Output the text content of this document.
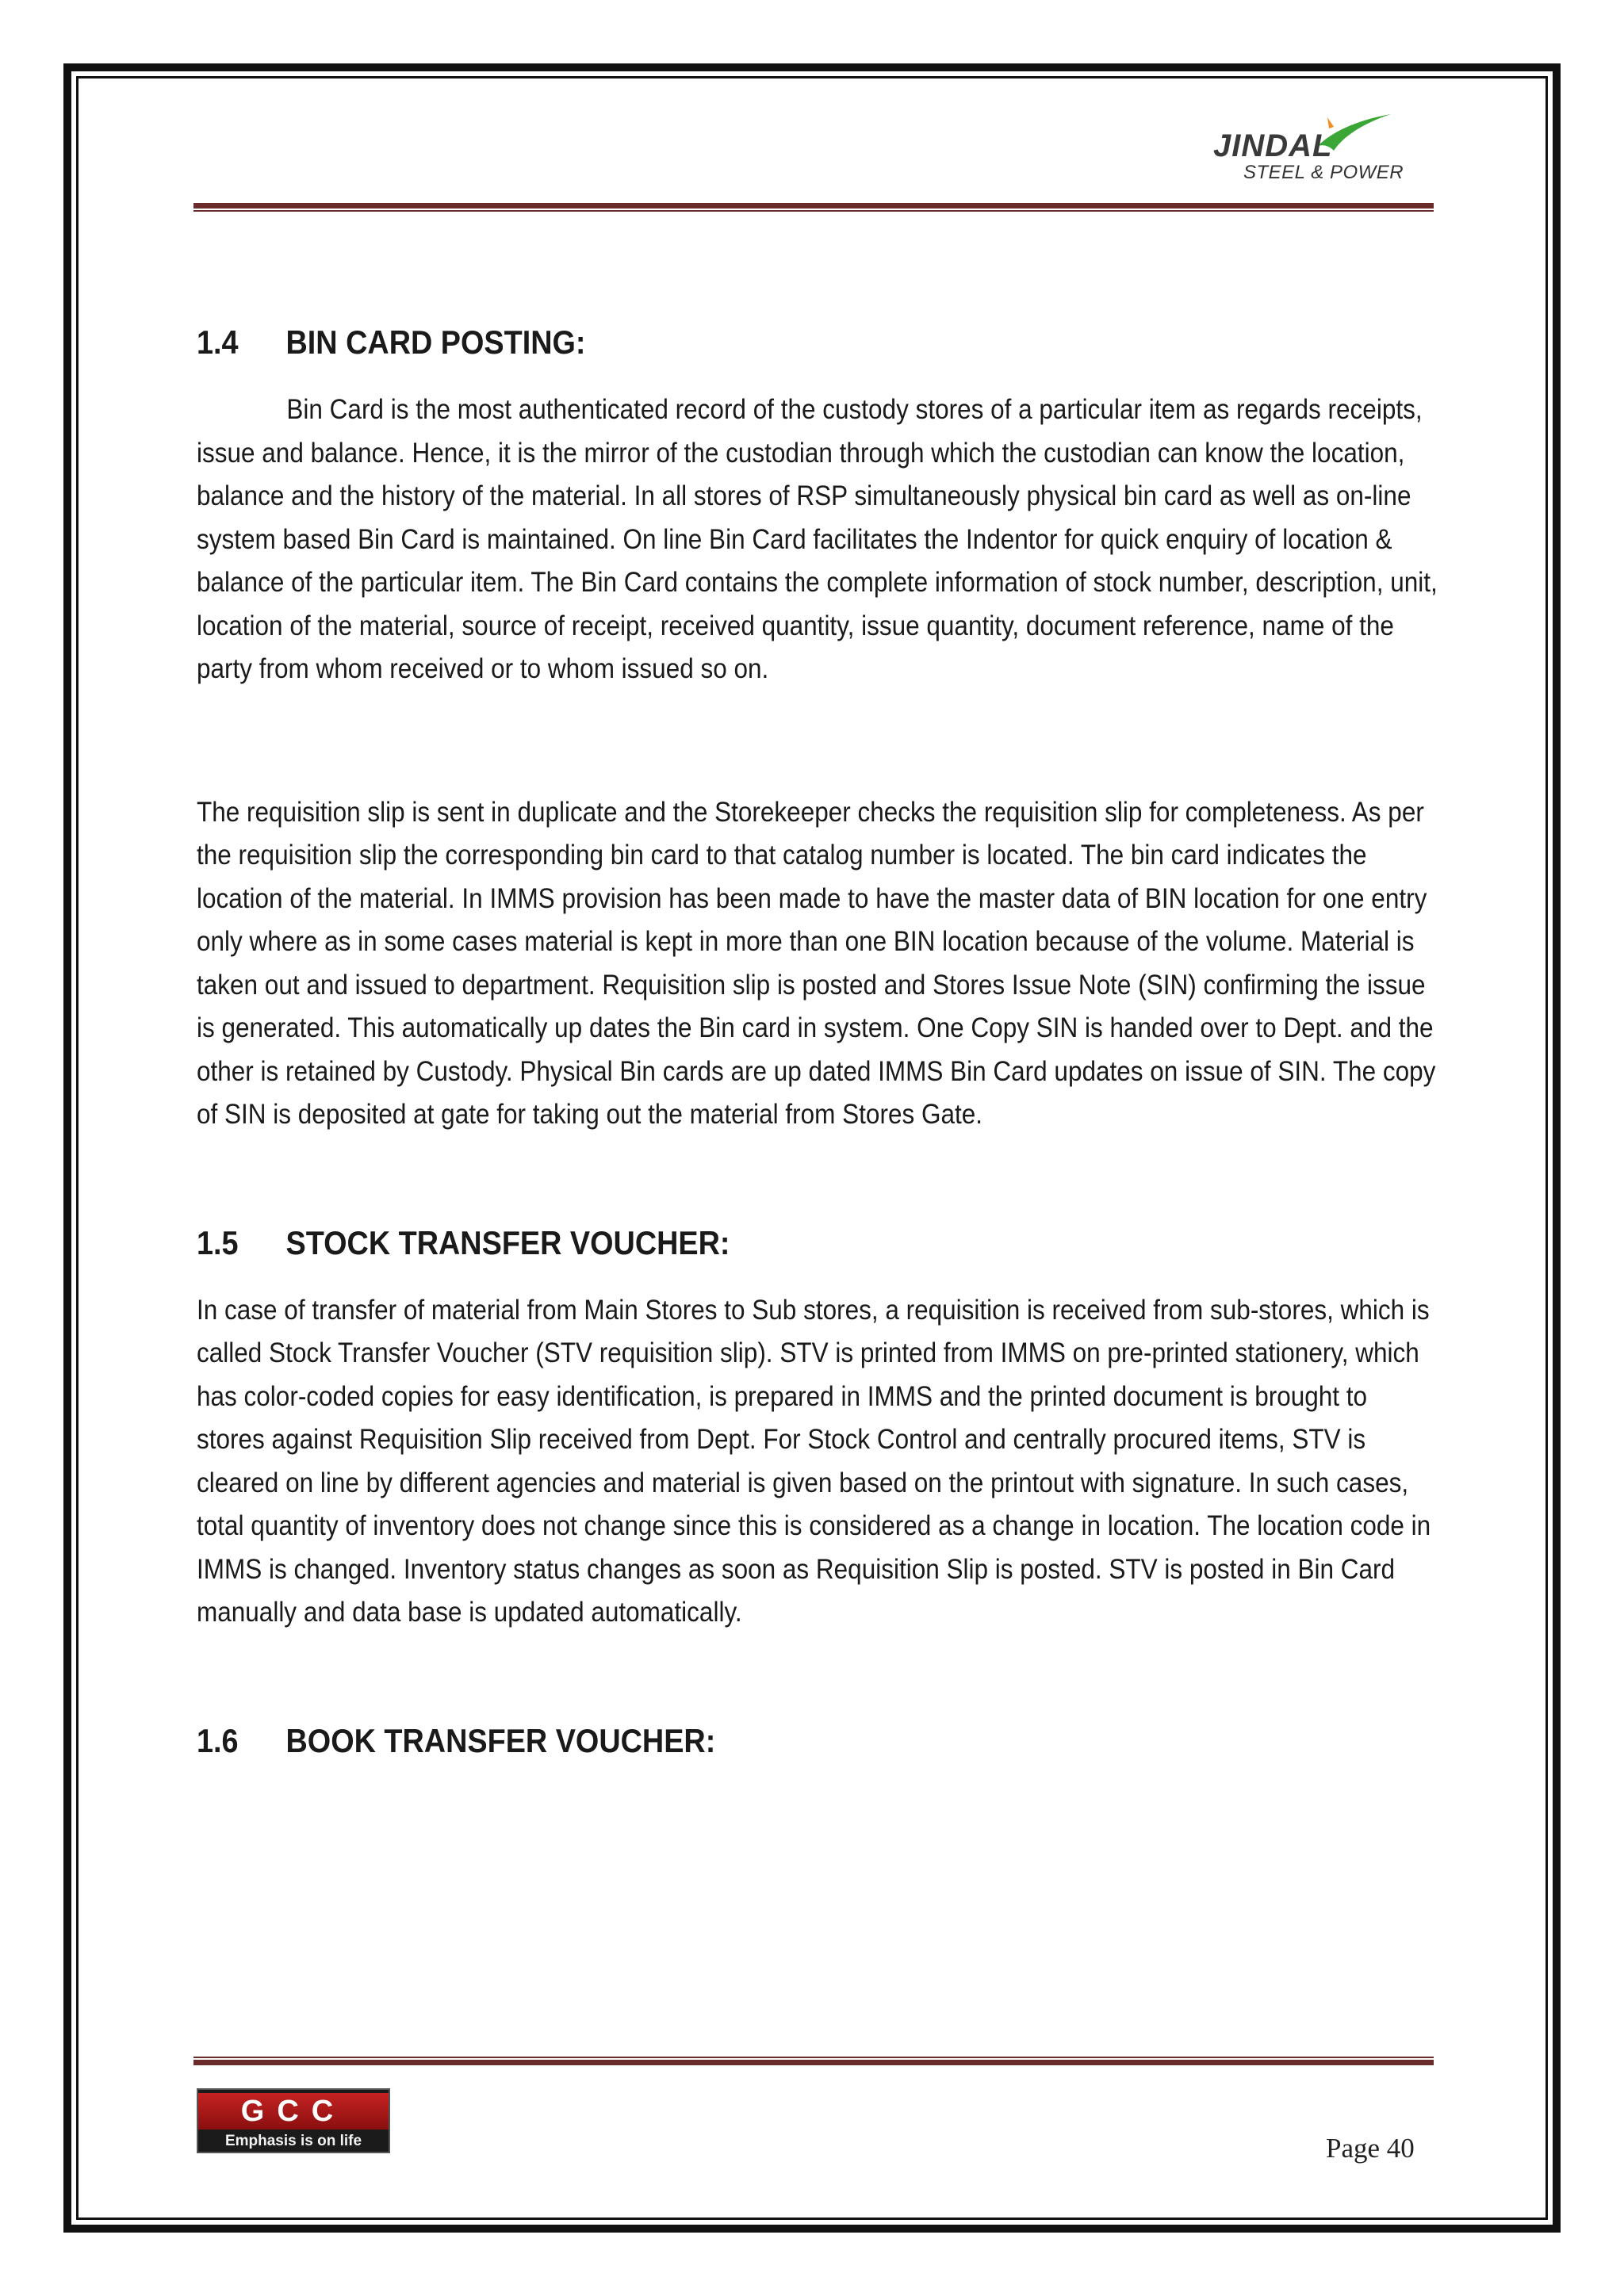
JINDAL
STEEL & POWER
1.4	BIN CARD POSTING:

Bin Card is the most authenticated record of the custody stores of a particular item as regards receipts, issue and balance. Hence, it is the mirror of the custodian through which the custodian can know the location, balance and the history of the material. In all stores of RSP simultaneously physical bin card as well as on-line system based Bin Card is maintained. On line Bin Card facilitates the Indentor for quick enquiry of location & balance of the particular item. The Bin Card contains the complete information of stock number, description, unit, location of the material, source of receipt, received quantity, issue quantity, document reference, name of the party from whom received or to whom issued so on.

The requisition slip is sent in duplicate and the Storekeeper checks the requisition slip for completeness. As per the requisition slip the corresponding bin card to that catalog number is located. The bin card indicates the location of the material. In IMMS provision has been made to have the master data of BIN location for one entry only where as in some cases material is kept in more than one BIN location because of the volume. Material is taken out and issued to department. Requisition slip is posted and Stores Issue Note (SIN) confirming the issue is generated. This automatically up dates the Bin card in system. One Copy SIN is handed over to Dept. and the other is retained by Custody. Physical Bin cards are up dated IMMS Bin Card updates on issue of SIN. The copy of SIN is deposited at gate for taking out the material from Stores Gate.

1.5	STOCK TRANSFER VOUCHER:

In case of transfer of material from Main Stores to Sub stores, a requisition is received from sub-stores, which is called Stock Transfer Voucher (STV requisition slip). STV is printed from IMMS on pre-printed stationery, which has color-coded copies for easy identification, is prepared in IMMS and the printed document is brought to stores against Requisition Slip received from Dept. For Stock Control and centrally procured items, STV is cleared on line by different agencies and material is given based on the printout with signature. In such cases, total quantity of inventory does not change since this is considered as a change in location. The location code in IMMS is changed. Inventory status changes as soon as Requisition Slip is posted. STV is posted in Bin Card manually and data base is updated automatically.

1.6	BOOK TRANSFER VOUCHER:
GCC
Emphasis is on life	Page 40
